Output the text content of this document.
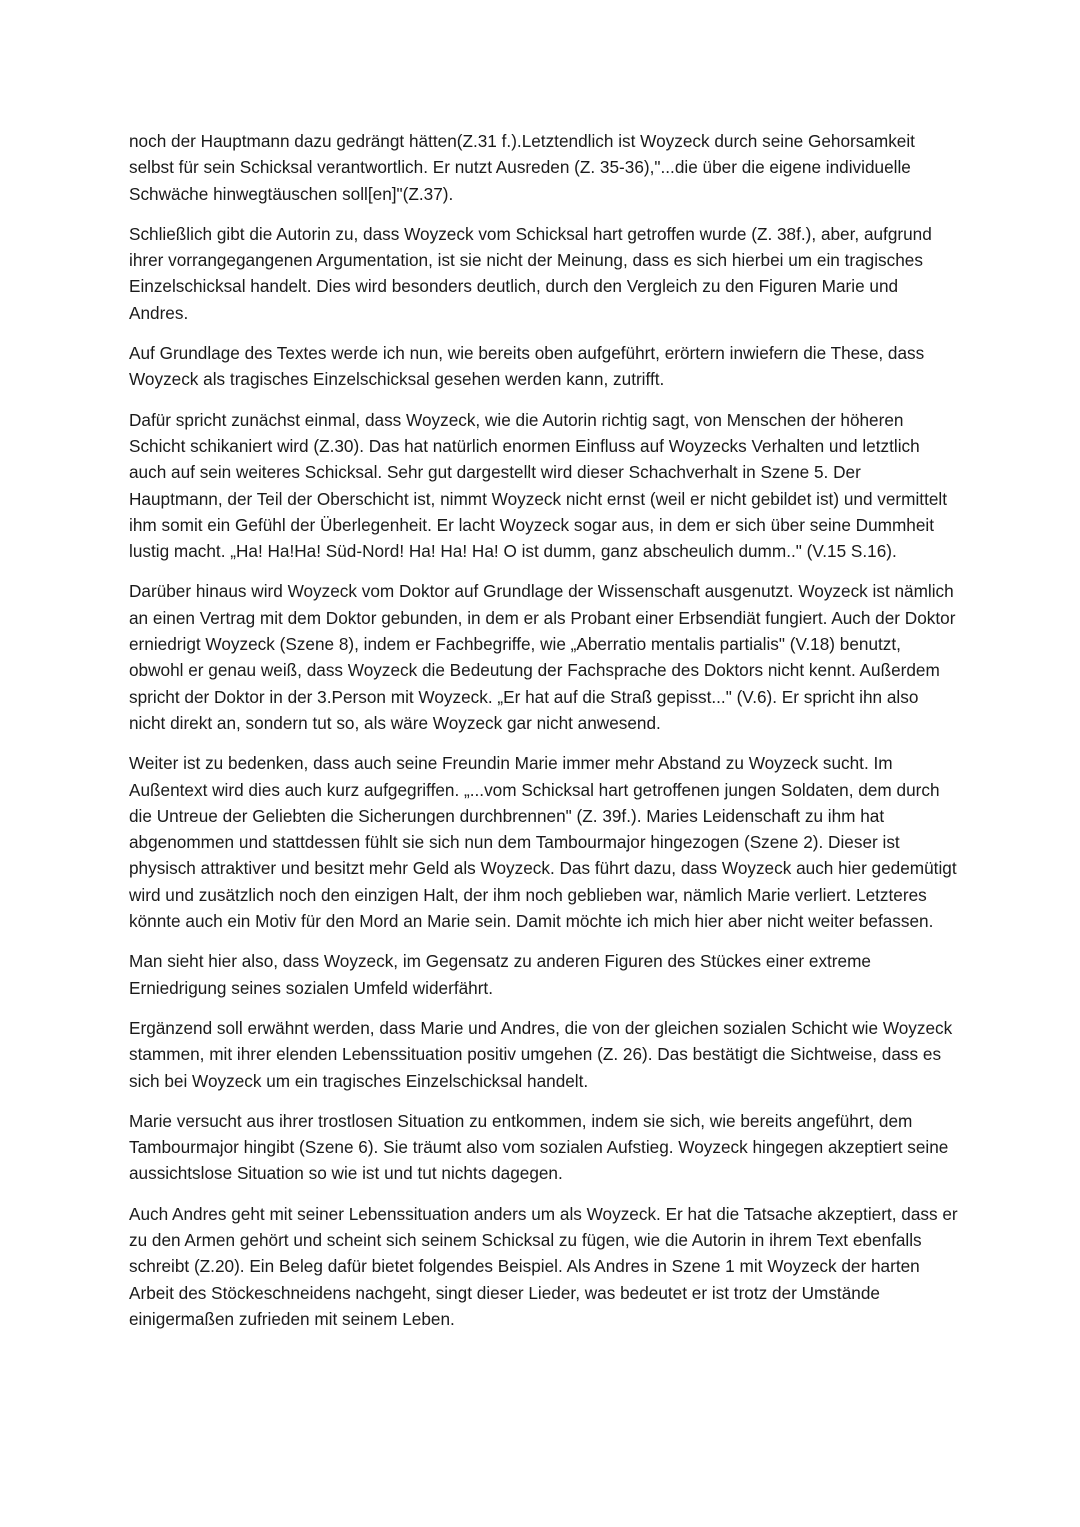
noch der Hauptmann dazu gedrängt hätten(Z.31 f.).Letztendlich ist Woyzeck durch seine Gehorsamkeit selbst für sein Schicksal verantwortlich. Er nutzt Ausreden (Z. 35-36),"...die über die eigene individuelle Schwäche hinwegtäuschen soll[en]"(Z.37).

Schließlich gibt die Autorin zu, dass Woyzeck vom Schicksal hart getroffen wurde (Z. 38f.), aber, aufgrund ihrer vorrangegangenen Argumentation, ist sie nicht der Meinung, dass es sich hierbei um ein tragisches Einzelschicksal handelt. Dies wird besonders deutlich, durch den Vergleich zu den Figuren Marie und Andres.

Auf Grundlage des Textes werde ich nun, wie bereits oben aufgeführt, erörtern inwiefern die These, dass Woyzeck als tragisches Einzelschicksal gesehen werden kann, zutrifft.

Dafür spricht zunächst einmal, dass Woyzeck, wie die Autorin richtig sagt, von Menschen der höheren Schicht schikaniert wird (Z.30). Das hat natürlich enormen Einfluss auf Woyzecks Verhalten und letztlich auch auf sein weiteres Schicksal. Sehr gut dargestellt wird dieser Schachverhalt in Szene 5. Der Hauptmann, der Teil der Oberschicht ist, nimmt Woyzeck nicht ernst (weil er nicht gebildet ist) und vermittelt ihm somit ein Gefühl der Überlegenheit. Er lacht Woyzeck sogar aus, in dem er sich über seine Dummheit lustig macht. „Ha! Ha!Ha! Süd-Nord! Ha! Ha! Ha! O ist dumm, ganz abscheulich dumm.." (V.15 S.16).

Darüber hinaus wird Woyzeck vom Doktor auf Grundlage der Wissenschaft ausgenutzt. Woyzeck ist nämlich an einen Vertrag mit dem Doktor gebunden, in dem er als Probant einer Erbsendiät fungiert. Auch der Doktor erniedrigt Woyzeck (Szene 8), indem er Fachbegriffe, wie „Aberratio mentalis partialis" (V.18) benutzt, obwohl er genau weiß, dass Woyzeck die Bedeutung der Fachsprache des Doktors nicht kennt. Außerdem spricht der Doktor in der 3.Person mit Woyzeck. „Er hat auf die Straß gepisst..." (V.6). Er spricht ihn also nicht direkt an, sondern tut so, als wäre Woyzeck gar nicht anwesend.

Weiter ist zu bedenken, dass auch seine Freundin Marie immer mehr Abstand zu Woyzeck sucht. Im Außentext wird dies auch kurz aufgegriffen. „...vom Schicksal hart getroffenen jungen Soldaten, dem durch die Untreue der Geliebten die Sicherungen durchbrennen" (Z. 39f.). Maries Leidenschaft zu ihm hat abgenommen und stattdessen fühlt sie sich nun dem Tambourmajor hingezogen (Szene 2). Dieser ist physisch attraktiver und besitzt mehr Geld als Woyzeck. Das führt dazu, dass Woyzeck auch hier gedemütigt wird und zusätzlich noch den einzigen Halt, der ihm noch geblieben war, nämlich Marie verliert. Letzteres könnte auch ein Motiv für den Mord an Marie sein. Damit möchte ich mich hier aber nicht weiter befassen.

Man sieht hier also, dass Woyzeck, im Gegensatz zu anderen Figuren des Stückes einer extreme Erniedrigung seines sozialen Umfeld widerfährt.

Ergänzend soll erwähnt werden, dass Marie und Andres, die von der gleichen sozialen Schicht wie Woyzeck stammen, mit ihrer elenden Lebenssituation positiv umgehen (Z. 26). Das bestätigt die Sichtweise, dass es sich bei Woyzeck um ein tragisches Einzelschicksal handelt.

Marie versucht aus ihrer trostlosen Situation zu entkommen, indem sie sich, wie bereits angeführt, dem Tambourmajor hingibt (Szene 6). Sie träumt also vom sozialen Aufstieg. Woyzeck hingegen akzeptiert seine aussichtslose Situation so wie ist und tut nichts dagegen.

Auch Andres geht mit seiner Lebenssituation anders um als Woyzeck. Er hat die Tatsache akzeptiert, dass er zu den Armen gehört und scheint sich seinem Schicksal zu fügen, wie die Autorin in ihrem Text ebenfalls schreibt (Z.20). Ein Beleg dafür bietet folgendes Beispiel. Als Andres in Szene 1 mit Woyzeck der harten Arbeit des Stöckeschneidens nachgeht, singt dieser Lieder, was bedeutet er ist trotz der Umstände einigermaßen zufrieden mit seinem Leben.
